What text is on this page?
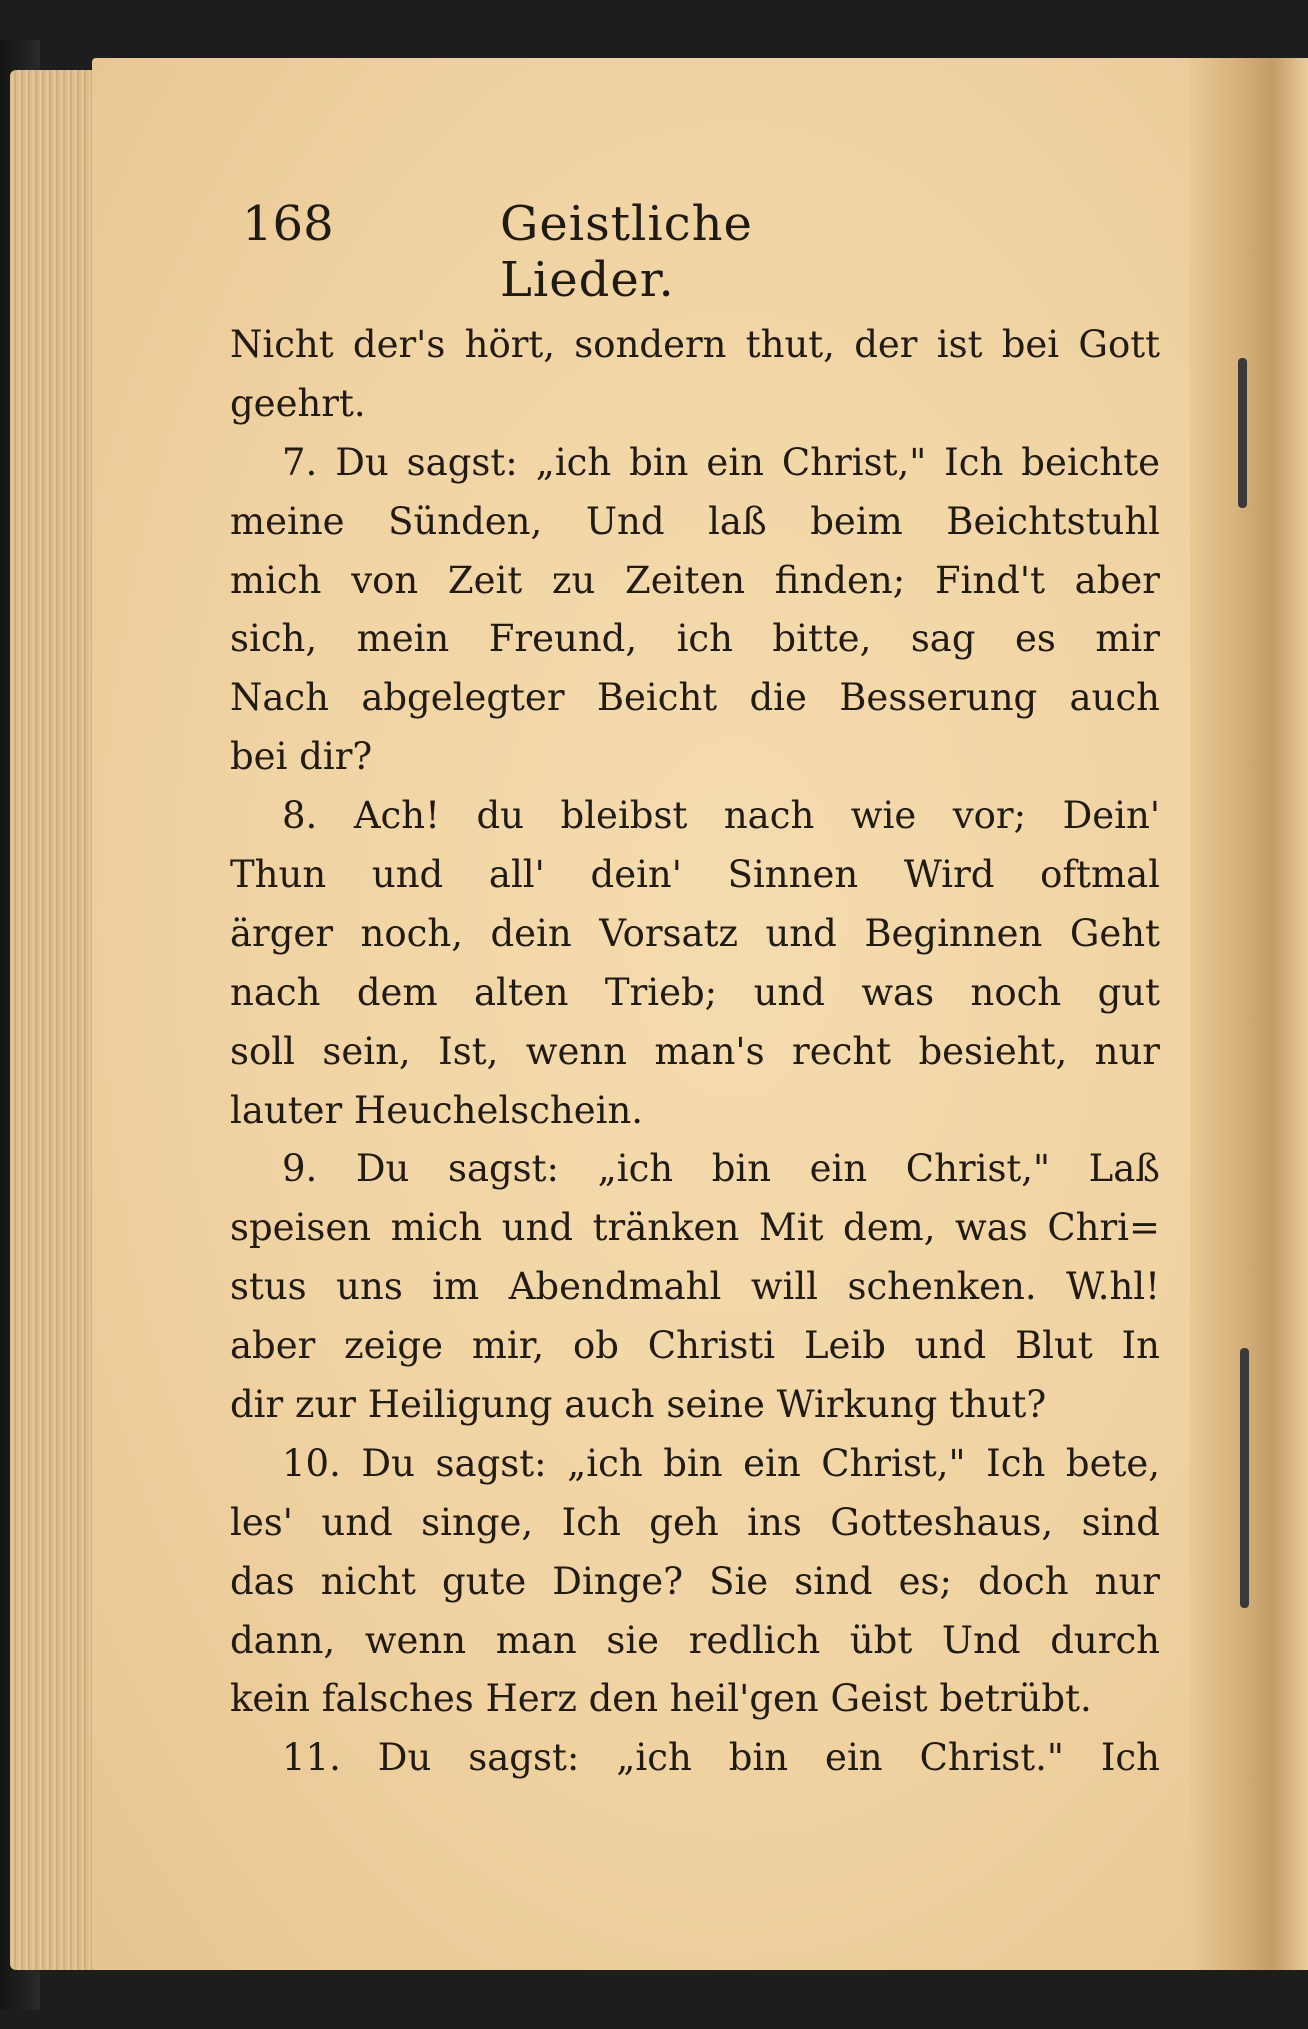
168	Geistliche Lieder.
Nicht der's hört, sondern thut, der ist bei Gott
geehrt.
7. Du sagst: „ich bin ein Christ," Ich beichte
meine Sünden, Und laß beim Beichtstuhl
mich von Zeit zu Zeiten finden; Find't aber
sich, mein Freund, ich bitte, sag es mir
Nach abgelegter Beicht die Besserung auch
bei dir?
8. Ach! du bleibst nach wie vor; Dein'
Thun und all' dein' Sinnen Wird oftmal
ärger noch, dein Vorsatz und Beginnen Geht
nach dem alten Trieb; und was noch gut
soll sein, Ist, wenn man's recht besieht, nur
lauter Heuchelschein.
9. Du sagst: „ich bin ein Christ," Laß
speisen mich und tränken Mit dem, was Chri=
stus uns im Abendmahl will schenken. W.hl!
aber zeige mir, ob Christi Leib und Blut In
dir zur Heiligung auch seine Wirkung thut?
10. Du sagst: „ich bin ein Christ," Ich bete,
les' und singe, Ich geh ins Gotteshaus, sind
das nicht gute Dinge? Sie sind es; doch nur
dann, wenn man sie redlich übt Und durch
kein falsches Herz den heil'gen Geist betrübt.
11. Du sagst: „ich bin ein Christ." Ich
